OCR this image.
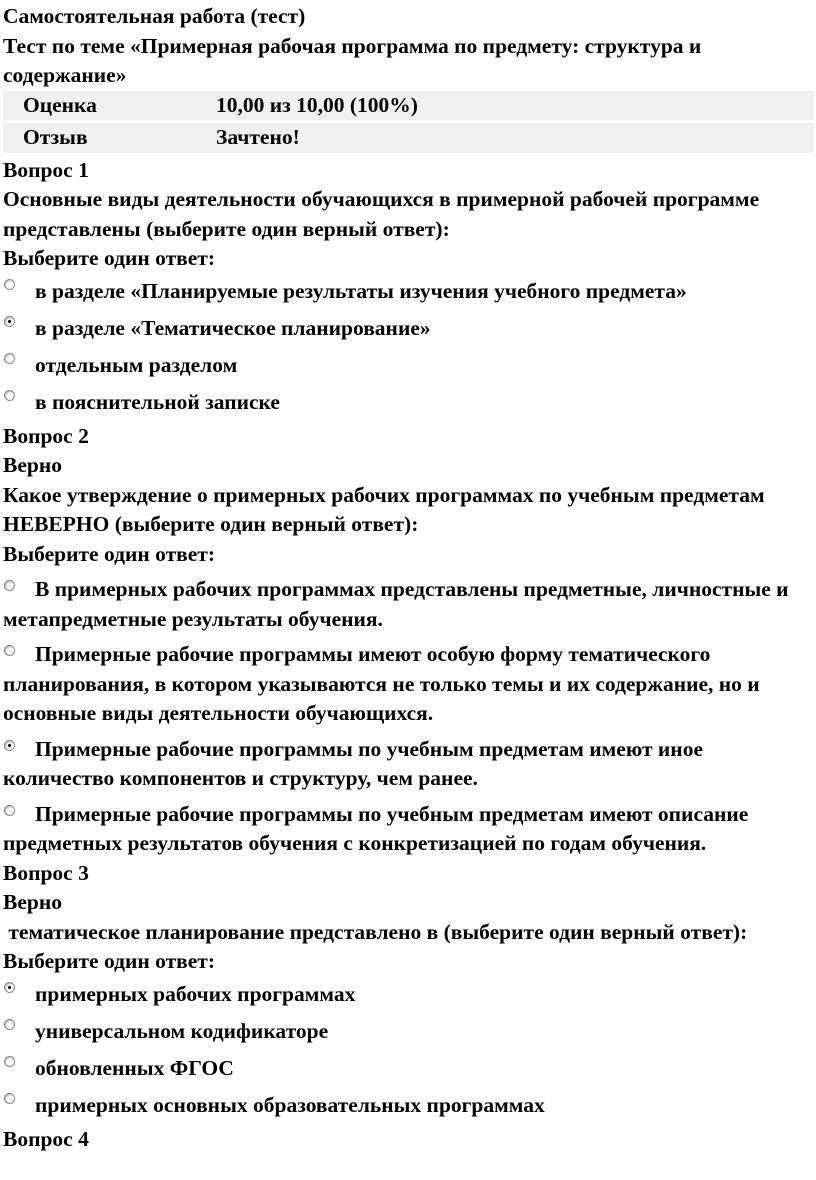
Самостоятельная работа (тест)

Тест по теме «Примерная рабочая программа по предмету: структура и содержание»

Оценка	10,00 из 10,00 (100%)
Отзыв	Зачтено!

Вопрос 1

Основные виды деятельности обучающихся в примерной рабочей программе представлены (выберите один верный ответ):

Выберите один ответ:

в разделе «Планируемые результаты изучения учебного предмета»
в разделе «Тематическое планирование»
отдельным разделом
в пояснительной записке

Вопрос 2

Верно

Какое утверждение о примерных рабочих программах по учебным предметам НЕВЕРНО (выберите один верный ответ):

Выберите один ответ:

В примерных рабочих программах представлены предметные, личностные и метапредметные результаты обучения.
Примерные рабочие программы имеют особую форму тематического планирования, в котором указываются не только темы и их содержание, но и основные виды деятельности обучающихся.
Примерные рабочие программы по учебным предметам имеют иное количество компонентов и структуру, чем ранее.
Примерные рабочие программы по учебным предметам имеют описание предметных результатов обучения с конкретизацией по годам обучения.

Вопрос 3

Верно

тематическое планирование представлено в (выберите один верный ответ):

Выберите один ответ:

примерных рабочих программах
универсальном кодификаторе
обновленных ФГОС
примерных основных образовательных программах

Вопрос 4
